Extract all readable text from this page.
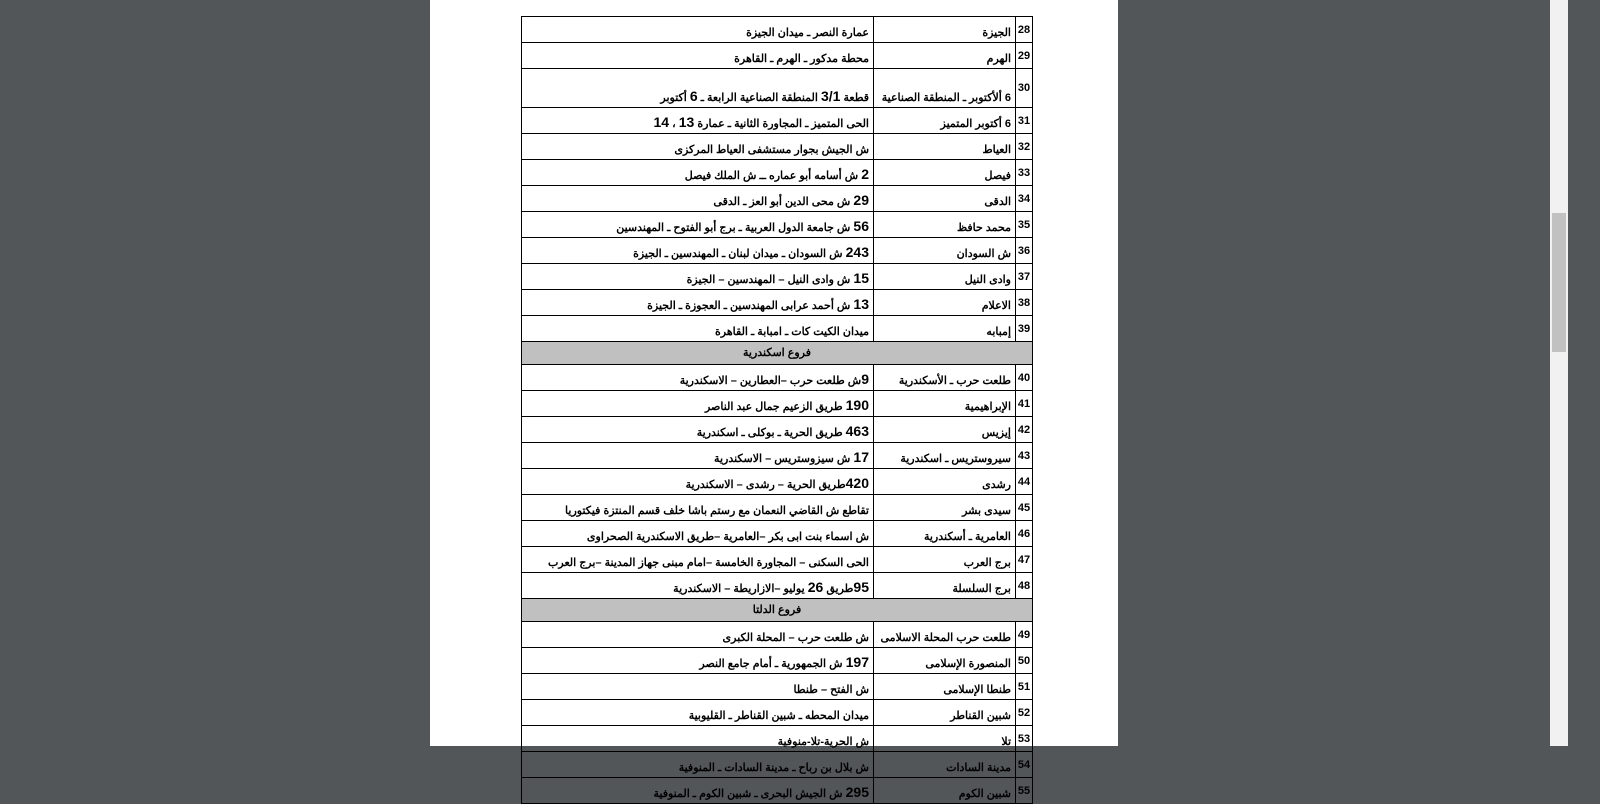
28	الجيزة	عمارة النصر ـ ميدان الجيزة
29	الهرم	محطة مدكور ـ الهرم ـ القاهرة
30	6 ألأكتوبر ـ المنطقة الصناعية	قطعة 3/1 المنطقة الصناعية الرابعة ـ 6 أكتوبر
31	6 أكتوبر المتميز	الحى المتميز ـ المجاورة الثانية ـ عمارة 13 ، 14
32	العياط	ش الجيش بجوار مستشفى العياط المركزى
33	فيصل	2 ش أسامه أبو عماره ــ ش الملك فيصل
34	الدقى	29 ش محى الدين أبو العز ـ الدقى
35	محمد حافظ	56 ش جامعة الدول العربية ـ برج أبو الفتوح ـ المهندسين
36	ش السودان	243 ش السودان ـ ميدان لبنان ـ المهندسين ـ الجيزة
37	وادى النيل	15 ش وادى النيل – المهندسين – الجيزة
38	الاعلام	13 ش أحمد عرابى المهندسين ـ العجوزة ـ الجيزة
39	إمبابه	ميدان الكيت كات ـ امبابة ـ القاهرة
فروع اسكندرية		
40	طلعت حرب ـ الأسكندرية	9ش طلعت حرب –العطارين – الاسكندرية
41	الإبراهيمية	190 طريق الزعيم جمال عبد الناصر
42	إيزيس	463 طريق الحرية ـ بوكلى ـ اسكندرية
43	سيروستريس ـ اسكندرية	17 ش سيزوستريس – الاسكندرية
44	رشدى	420طريق الحرية – رشدى – الاسكندرية
45	سيدى بشر	تقاطع ش القاضي النعمان مع رستم باشا خلف قسم المنتزة فيكتوريا
46	العامرية ـ أسكندرية	ش اسماء بنت ابى بكر –العامرية –طريق الاسكندرية الصحراوى
47	برج العرب	الحى السكنى – المجاورة الخامسة –امام مبنى جهاز المدينة –برج العرب
48	برج السلسلة	95طريق 26 يوليو –الازاريطة – الاسكندرية
فروع الدلتا		
49	طلعت حرب المحلة الاسلامى	ش طلعت حرب – المحلة الكبرى
50	المنصورة الإسلامى	197 ش الجمهورية ـ أمام جامع النصر
51	طنطا الإسلامى	ش الفتح – طنطا
52	شبين القناطر	ميدان المحطه ـ شبين القناطر ـ القليوبية
53	تلا	ش الحرية-تلا-منوفية
54	مدينة السادات	ش بلال بن رباح ـ مدينة السادات ـ المنوفية
55	شبين الكوم	295 ش الجيش البحرى ـ شبين الكوم ـ المنوفية
